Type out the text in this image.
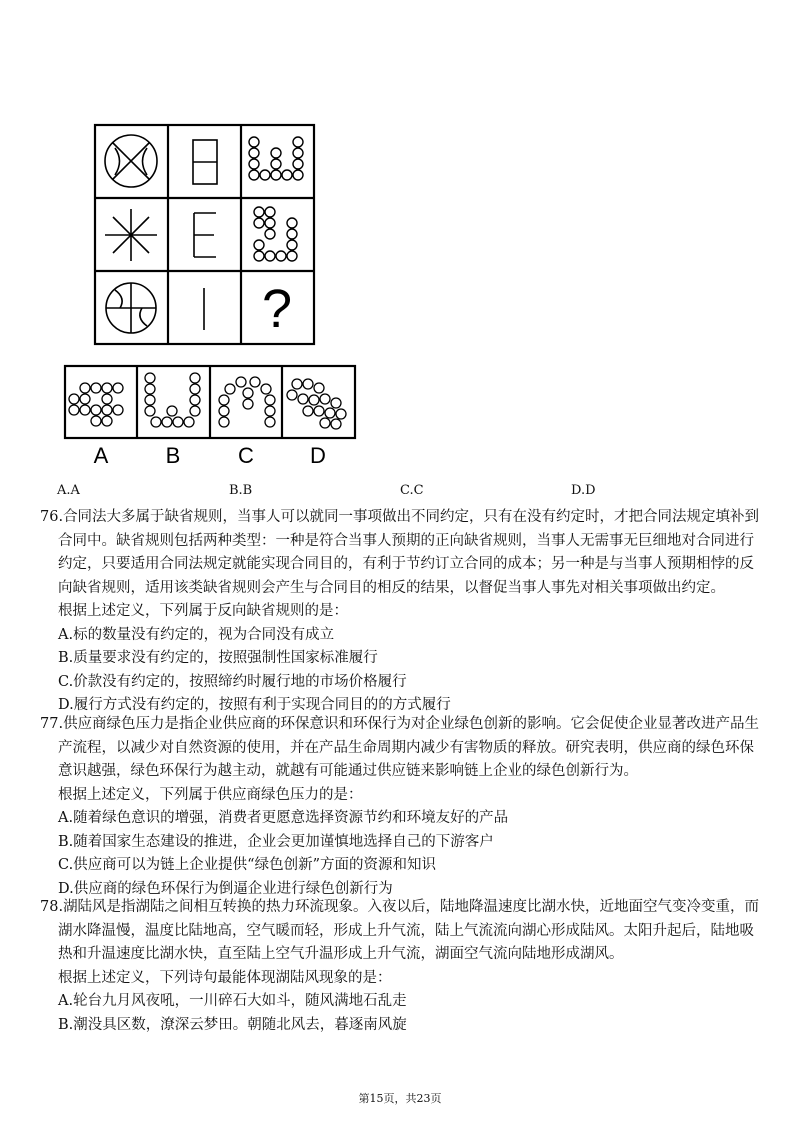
?
A	B	C	D
A.A	B.B	C.C	D.D

76.合同法大多属于缺省规则，当事人可以就同一事项做出不同约定，只有在没有约定时，才把合同法规定填补到

合同中。缺省规则包括两种类型：一种是符合当事人预期的正向缺省规则，当事人无需事无巨细地对合同进行

约定，只要适用合同法规定就能实现合同目的，有利于节约订立合同的成本；另一种是与当事人预期相悖的反

向缺省规则，适用该类缺省规则会产生与合同目的相反的结果，以督促当事人事先对相关事项做出约定。

根据上述定义，下列属于反向缺省规则的是：

A.标的数量没有约定的，视为合同没有成立

B.质量要求没有约定的，按照强制性国家标准履行

C.价款没有约定的，按照缔约时履行地的市场价格履行

D.履行方式没有约定的，按照有利于实现合同目的的方式履行

77.供应商绿色压力是指企业供应商的环保意识和环保行为对企业绿色创新的影响。它会促使企业显著改进产品生

产流程，以减少对自然资源的使用，并在产品生命周期内减少有害物质的释放。研究表明，供应商的绿色环保

意识越强，绿色环保行为越主动，就越有可能通过供应链来影响链上企业的绿色创新行为。

根据上述定义，下列属于供应商绿色压力的是：

A.随着绿色意识的增强，消费者更愿意选择资源节约和环境友好的产品

B.随着国家生态建设的推进，企业会更加谨慎地选择自己的下游客户

C.供应商可以为链上企业提供“绿色创新”方面的资源和知识

D.供应商的绿色环保行为倒逼企业进行绿色创新行为

78.湖陆风是指湖陆之间相互转换的热力环流现象。入夜以后，陆地降温速度比湖水快，近地面空气变冷变重，而

湖水降温慢，温度比陆地高，空气暖而轻，形成上升气流，陆上气流流向湖心形成陆风。太阳升起后，陆地吸

热和升温速度比湖水快，直至陆上空气升温形成上升气流，湖面空气流向陆地形成湖风。

根据上述定义，下列诗句最能体现湖陆风现象的是：

A.轮台九月风夜吼，一川碎石大如斗，随风满地石乱走

B.潮没具区数，潦深云梦田。朝随北风去，暮逐南风旋

第15页，共23页
